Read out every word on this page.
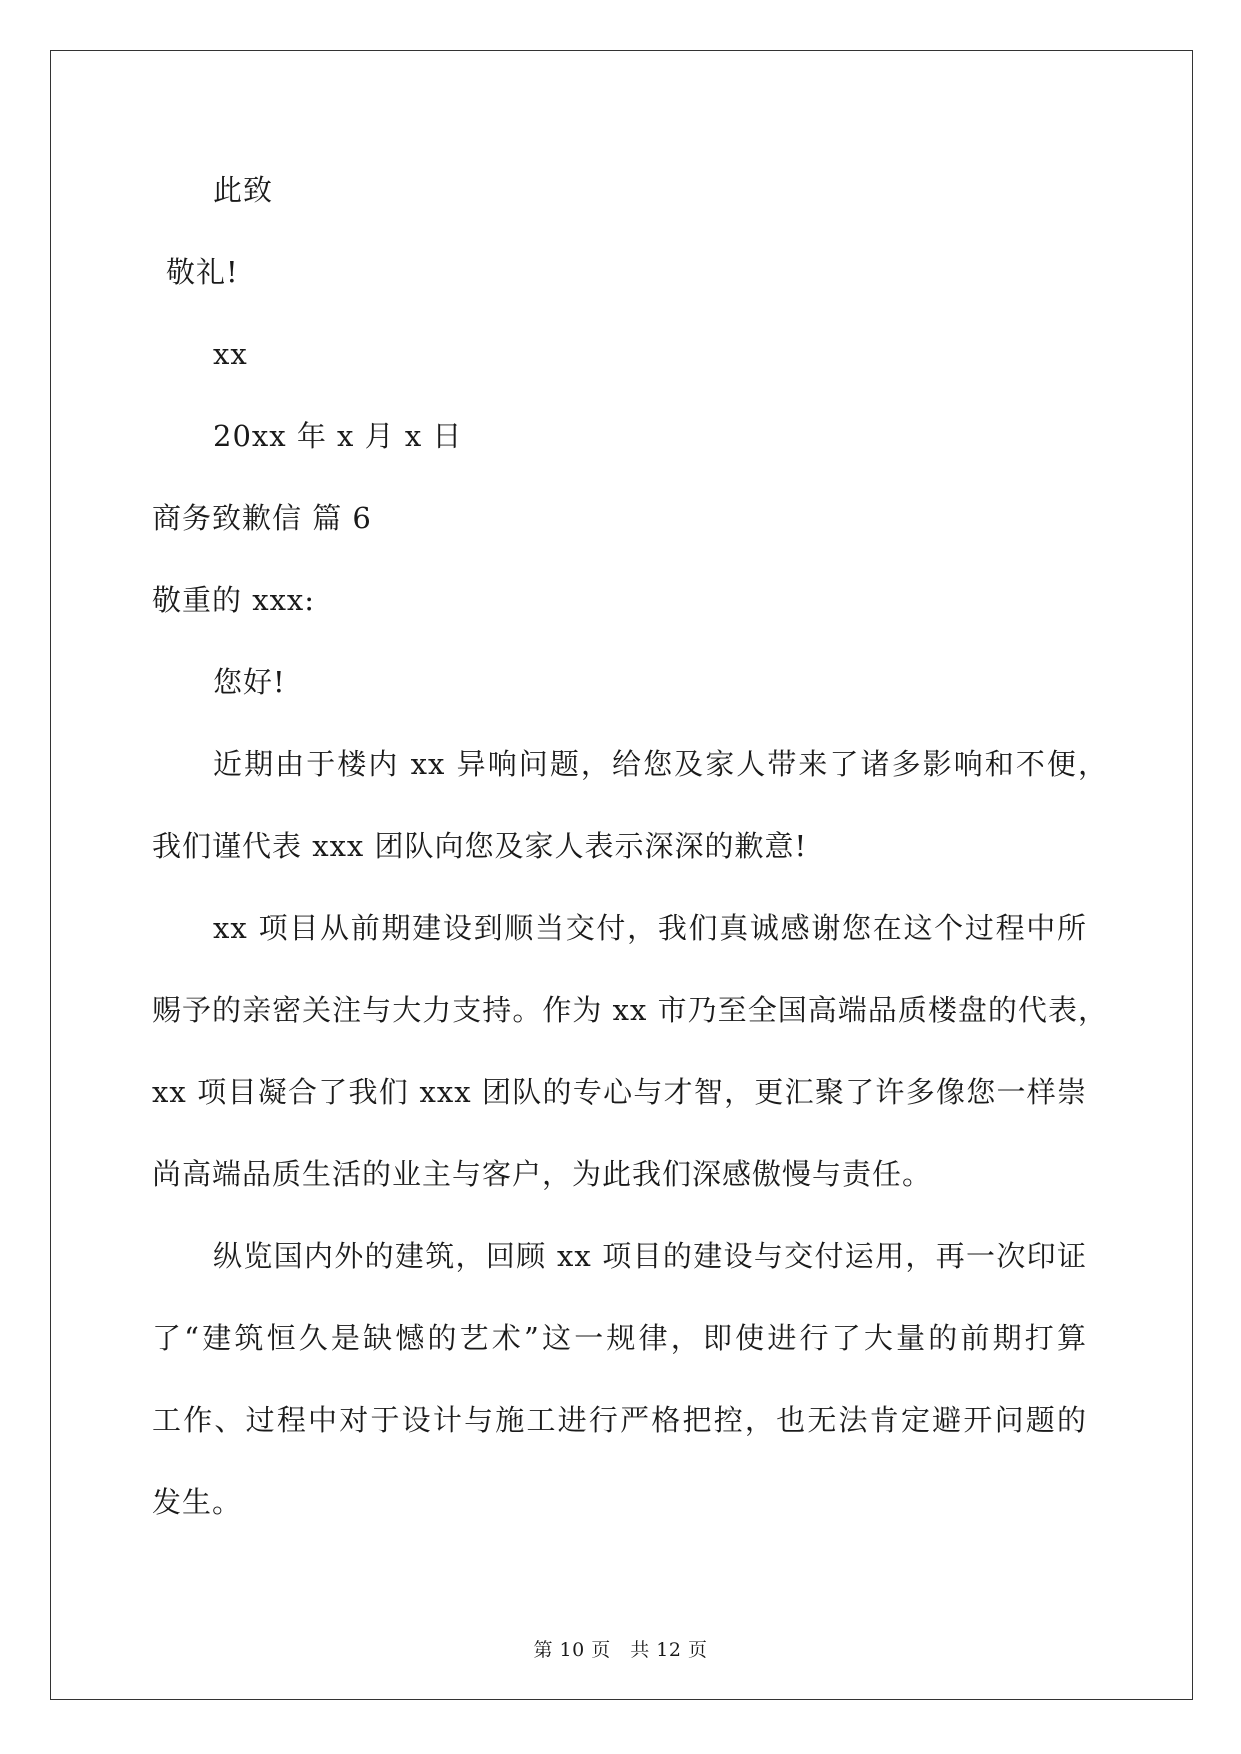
此致
敬礼!
xx
20xx 年 x 月 x 日
商务致歉信 篇 6
敬重的 xxx:
您好!
近期由于楼内 xx 异响问题，给您及家人带来了诸多影响和不便，
我们谨代表 xxx 团队向您及家人表示深深的歉意!
xx 项目从前期建设到顺当交付，我们真诚感谢您在这个过程中所
赐予的亲密关注与大力支持。作为 xx 市乃至全国高端品质楼盘的代表，
xx 项目凝合了我们 xxx 团队的专心与才智，更汇聚了许多像您一样崇
尚高端品质生活的业主与客户，为此我们深感傲慢与责任。
纵览国内外的建筑，回顾 xx 项目的建设与交付运用，再一次印证
了“建筑恒久是缺憾的艺术”这一规律，即使进行了大量的前期打算
工作、过程中对于设计与施工进行严格把控，也无法肯定避开问题的
发生。
第 10 页　共 12 页
